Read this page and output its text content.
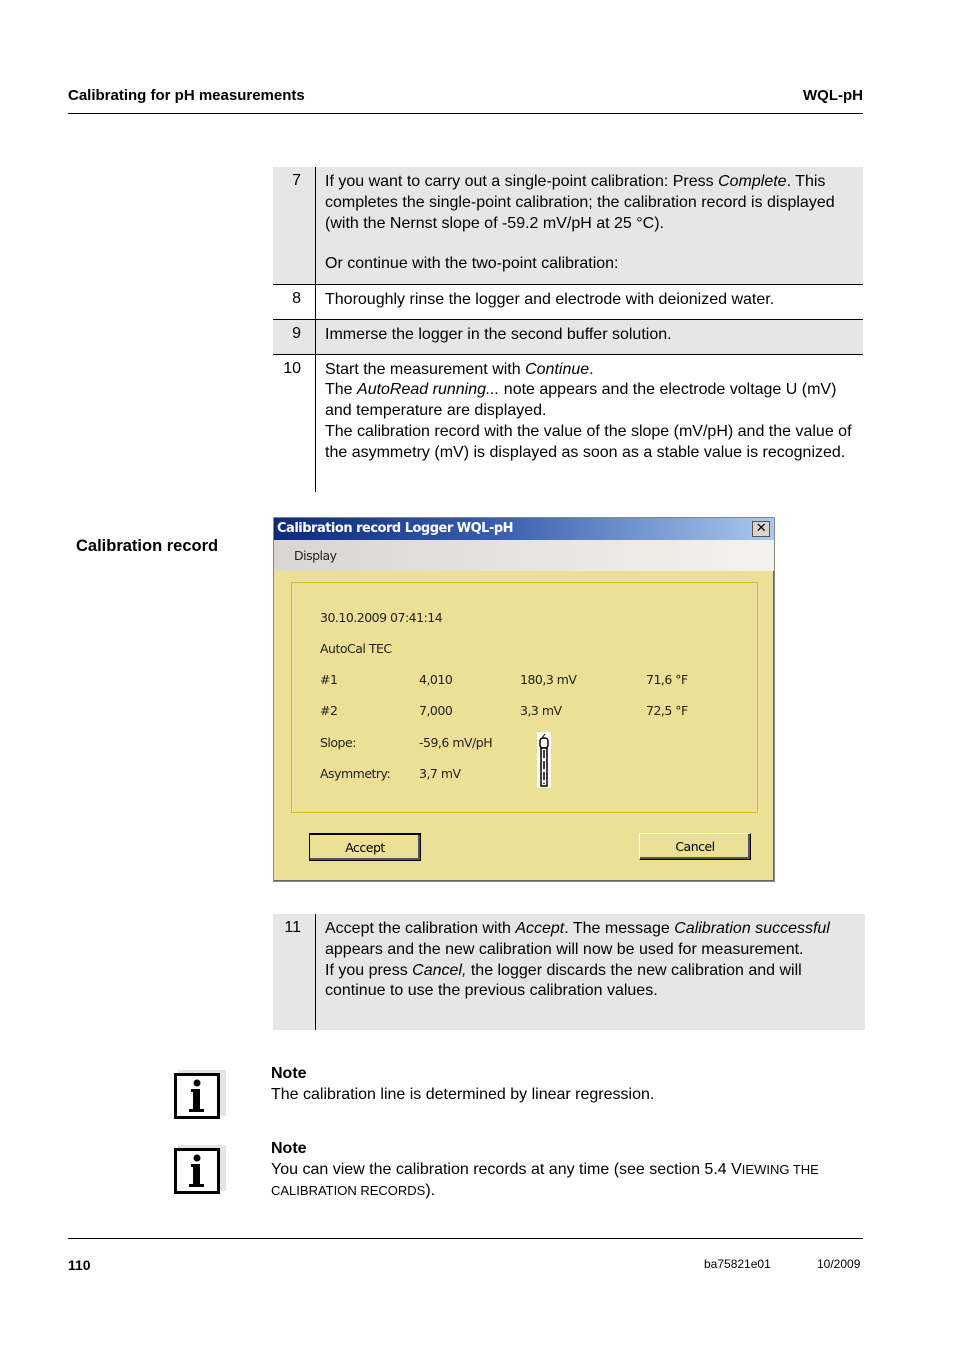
Calibrating for pH measurements	WQL-pH
7	If you want to carry out a single-point calibration: Press Complete. This completes the single-point calibration; the calibration record is displayed (with the Nernst slope of -59.2 mV/pH at 25 °C).

Or continue with the two-point calibration:

8	Thoroughly rinse the logger and electrode with deionized water.

9	Immerse the logger in the second buffer solution.

10	Start the measurement with Continue.
The AutoRead running... note appears and the electrode voltage U (mV) and temperature are displayed.
The calibration record with the value of the slope (mV/pH) and the value of the asymmetry (mV) is displayed as soon as a stable value is recognized.

Calibration record
Calibration record Logger WQL-pH	✕
Display
30.10.2009 07:41:14
AutoCal TEC
#1	4,010	180,3 mV	71,6 °F
#2	7,000	3,3 mV	72,5 °F
Slope:	-59,6 mV/pH
Asymmetry: 3,7 mV
Accept	Cancel
11	Accept the calibration with Accept. The message Calibration successful appears and the new calibration will now be used for measurement.
If you press Cancel, the logger discards the new calibration and will continue to use the previous calibration values.

Note
The calibration line is determined by linear regression.
Note
You can view the calibration records at any time (see section 5.4 VIEWING THE CALIBRATION RECORDS).
110	ba75821e01	10/2009
